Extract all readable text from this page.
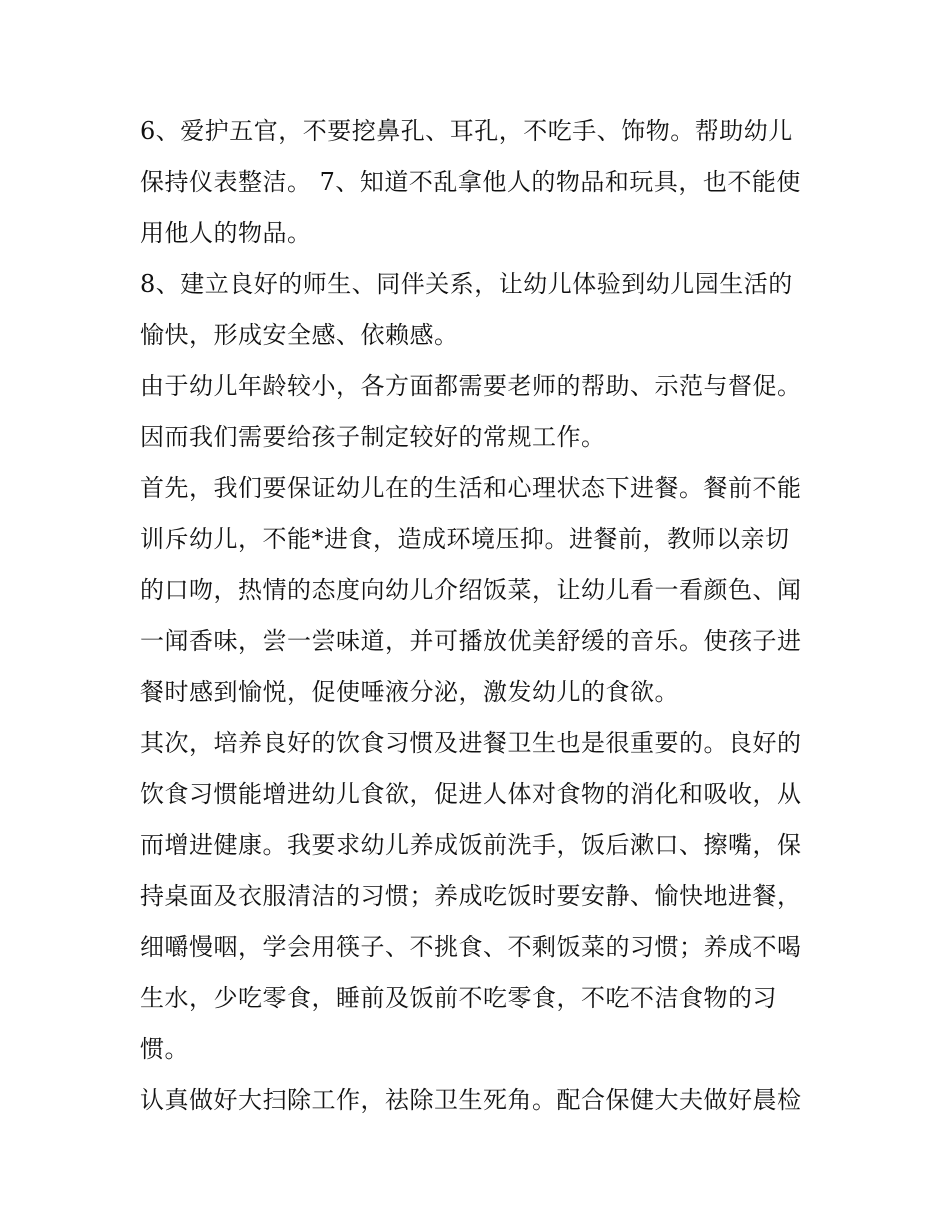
6、爱护五官，不要挖鼻孔、耳孔，不吃手、饰物。帮助幼儿
保持仪表整洁。 7、知道不乱拿他人的物品和玩具，也不能使
用他人的物品。
8、建立良好的师生、同伴关系，让幼儿体验到幼儿园生活的
愉快，形成安全感、依赖感。
由于幼儿年龄较小，各方面都需要老师的帮助、示范与督促。
因而我们需要给孩子制定较好的常规工作。
首先，我们要保证幼儿在的生活和心理状态下进餐。餐前不能
训斥幼儿，不能*进食，造成环境压抑。进餐前，教师以亲切
的口吻，热情的态度向幼儿介绍饭菜，让幼儿看一看颜色、闻
一闻香味，尝一尝味道，并可播放优美舒缓的音乐。使孩子进
餐时感到愉悦，促使唾液分泌，激发幼儿的食欲。
其次，培养良好的饮食习惯及进餐卫生也是很重要的。良好的
饮食习惯能增进幼儿食欲，促进人体对食物的消化和吸收，从
而增进健康。我要求幼儿养成饭前洗手，饭后漱口、擦嘴，保
持桌面及衣服清洁的习惯；养成吃饭时要安静、愉快地进餐，
细嚼慢咽，学会用筷子、不挑食、不剩饭菜的习惯；养成不喝
生水，少吃零食，睡前及饭前不吃零食，不吃不洁食物的习
惯。
认真做好大扫除工作，祛除卫生死角。配合保健大夫做好晨检
